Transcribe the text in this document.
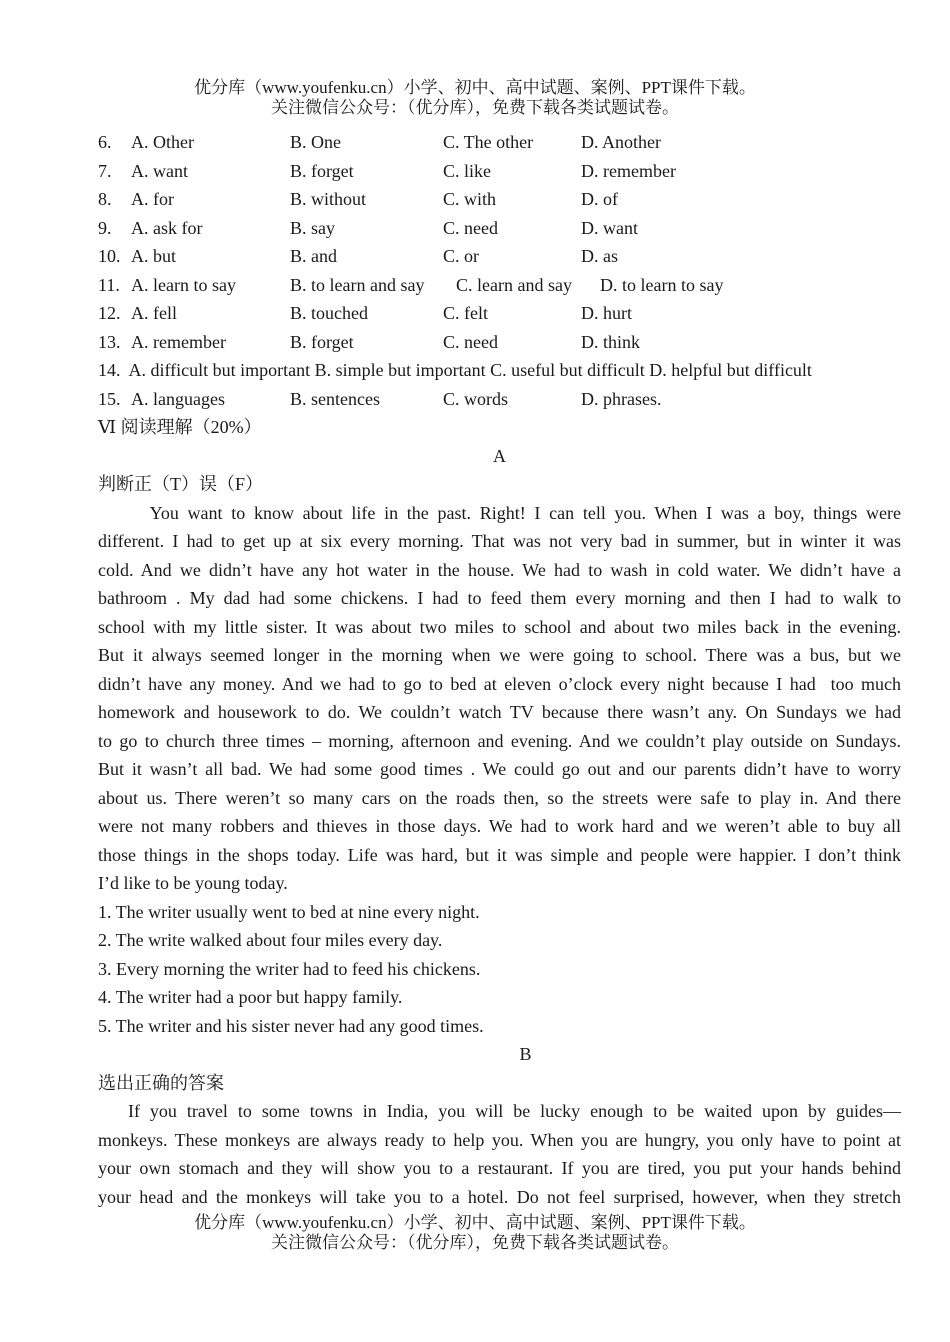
优分库（www.youfenku.cn）小学、初中、高中试题、案例、PPT课件下载。
关注微信公众号：（优分库），免费下载各类试题试卷。
6. A. Other	B. One	C. The other	D. Another
7. A. want	B. forget	C. like	D. remember
8. A. for	B. without	C. with	D. of
9. A. ask for	B. say	C. need	D. want
10. A. but	B. and	C. or	D. as
11. A. learn to say	B. to learn and say C. learn and say D. to learn to say
12. A. fell	B. touched	C. felt	D. hurt
13. A. remember	B. forget	C. need	D. think
14.  A. difficult but important B. simple but important C. useful but difficult D. helpful but difficult
15. A. languages	B. sentences	C. words	D. phrases.
Ⅵ 阅读理解（20%）
A
判断正（T）误（F）
You want to know about life in the past. Right! I can tell you. When I was a boy, things were
different. I had to get up at six every morning. That was not very bad in summer, but in winter it was
cold. And we didn’t have any hot water in the house. We had to wash in cold water. We didn’t have a
bathroom . My dad had some chickens. I had to feed them every morning and then I had to walk to
school with my little sister. It was about two miles to school and about two miles back in the evening.
But it always seemed longer in the morning when we were going to school. There was a bus, but we
didn’t have any money. And we had to go to bed at eleven o’clock every night because I had  too much
homework and housework to do. We couldn’t watch TV because there wasn’t any. On Sundays we had
to go to church three times – morning, afternoon and evening. And we couldn’t play outside on Sundays.
But it wasn’t all bad. We had some good times . We could go out and our parents didn’t have to worry
about us. There weren’t so many cars on the roads then, so the streets were safe to play in. And there
were not many robbers and thieves in those days. We had to work hard and we weren’t able to buy all
those things in the shops today. Life was hard, but it was simple and people were happier. I don’t think
I’d like to be young today.
1. The writer usually went to bed at nine every night.
2. The write walked about four miles every day.
3. Every morning the writer had to feed his chickens.
4. The writer had a poor but happy family.
5. The writer and his sister never had any good times.
B
选出正确的答案
If you travel to some towns in India, you will be lucky enough to be waited upon by guides—
monkeys. These monkeys are always ready to help you. When you are hungry, you only have to point at
your own stomach and they will show you to a restaurant. If you are tired, you put your hands behind
your head and the monkeys will take you to a hotel. Do not feel surprised, however, when they stretch
优分库（www.youfenku.cn）小学、初中、高中试题、案例、PPT课件下载。
关注微信公众号：（优分库），免费下载各类试题试卷。
